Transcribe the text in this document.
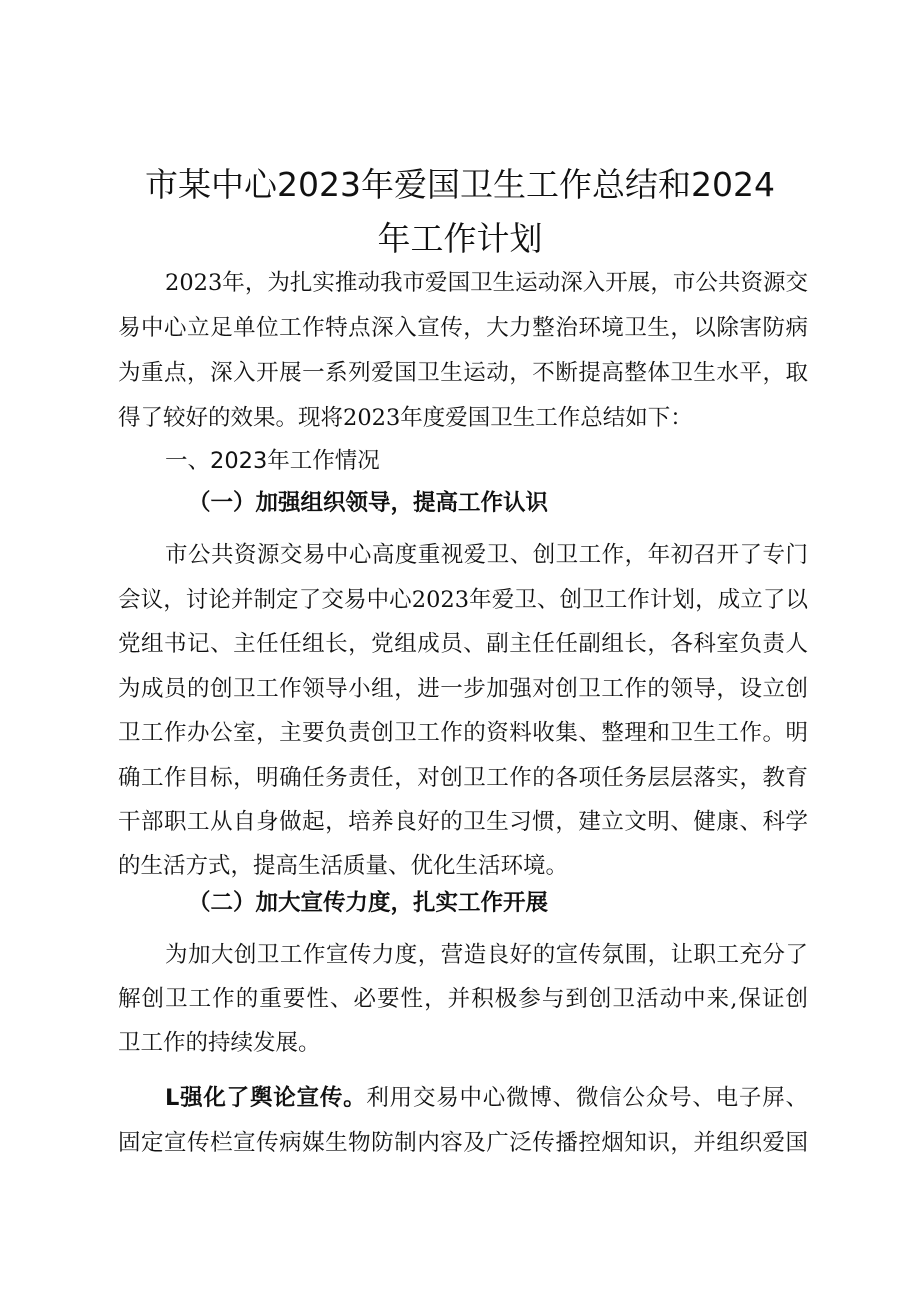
市某中心2023年爱国卫生工作总结和2024
年工作计划

2023年，为扎实推动我市爱国卫生运动深入开展，市公共资源交

易中心立足单位工作特点深入宣传，大力整治环境卫生，以除害防病

为重点，深入开展一系列爱国卫生运动，不断提高整体卫生水平，取

得了较好的效果。现将2023年度爱国卫生工作总结如下：

一、2023年工作情况
（一）加强组织领导，提高工作认识

市公共资源交易中心高度重视爱卫、创卫工作，年初召开了专门

会议，讨论并制定了交易中心2023年爱卫、创卫工作计划，成立了以

党组书记、主任任组长，党组成员、副主任任副组长，各科室负责人

为成员的创卫工作领导小组，进一步加强对创卫工作的领导，设立创

卫工作办公室，主要负责创卫工作的资料收集、整理和卫生工作。明

确工作目标，明确任务责任，对创卫工作的各项任务层层落实，教育

干部职工从自身做起，培养良好的卫生习惯，建立文明、健康、科学

的生活方式，提高生活质量、优化生活环境。

（二）加大宣传力度，扎实工作开展

为加大创卫工作宣传力度，营造良好的宣传氛围，让职工充分了

解创卫工作的重要性、必要性，并积极参与到创卫活动中来,保证创

卫工作的持续发展。

L强化了舆论宣传。利用交易中心微博、微信公众号、电子屏、

固定宣传栏宣传病媒生物防制内容及广泛传播控烟知识，并组织爱国
